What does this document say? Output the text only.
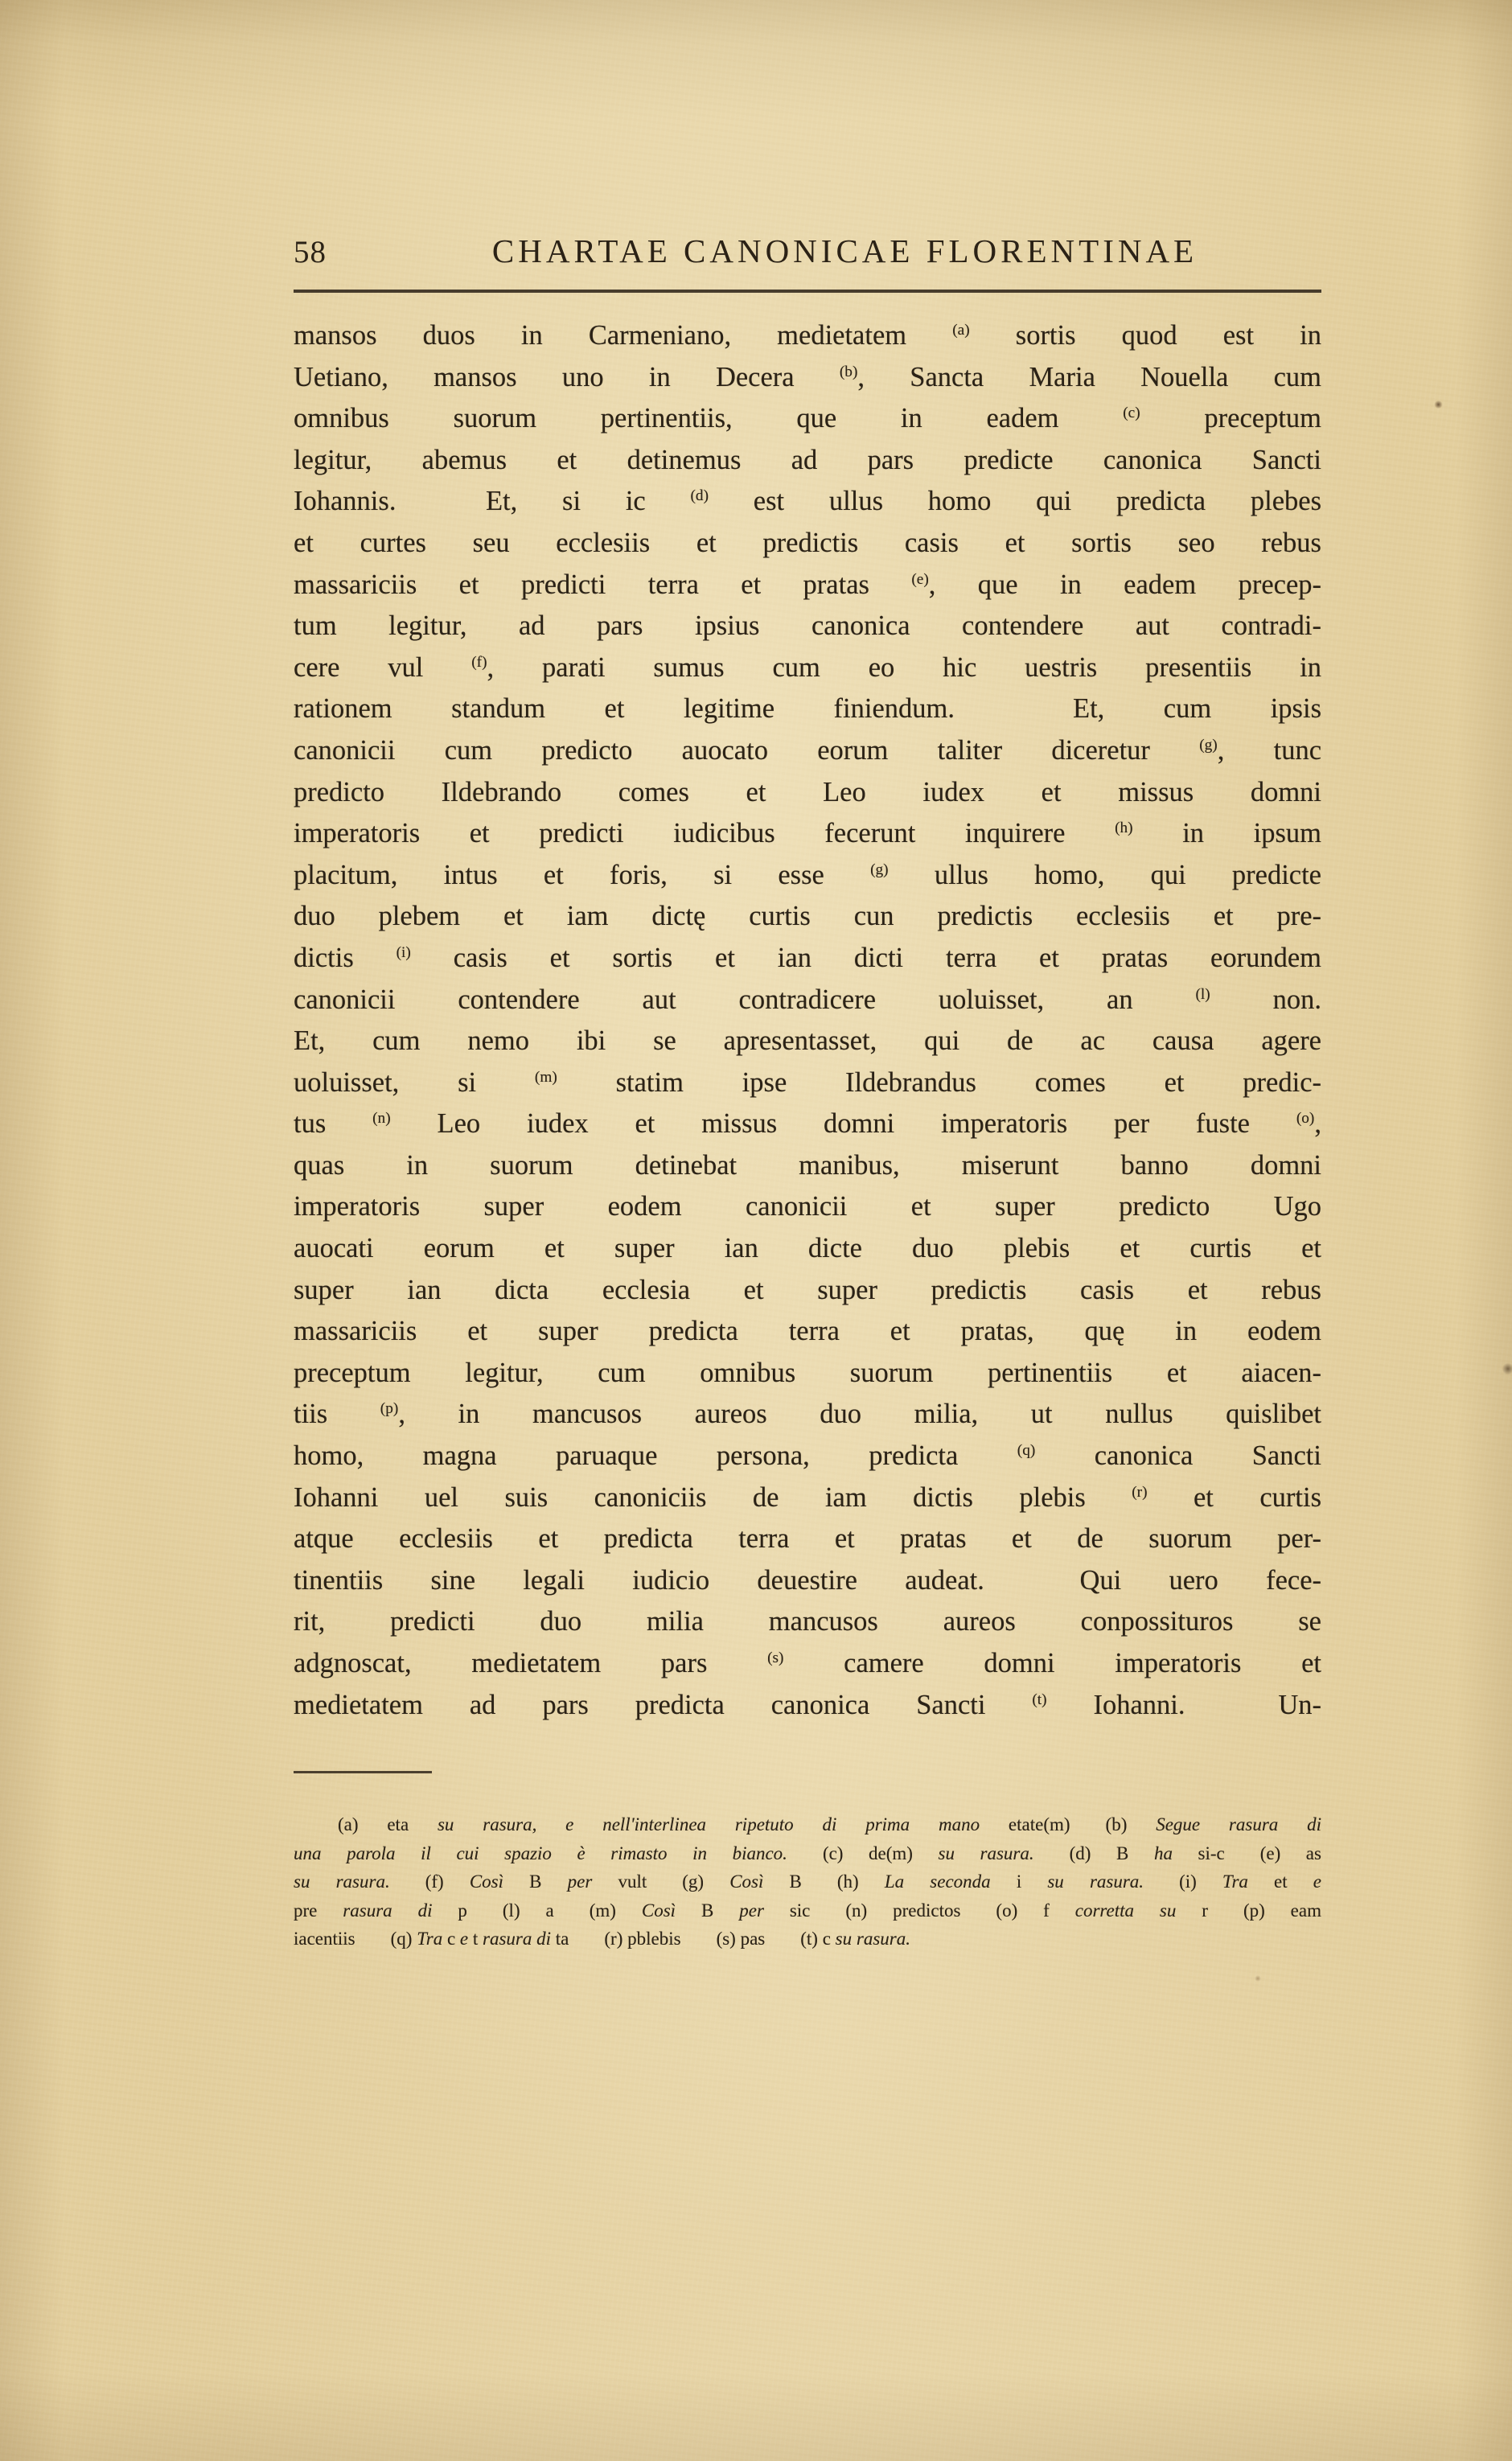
58	CHARTAE CANONICAE FLORENTINAE
mansos duos in Carmeniano, medietatem $^{(a)}$ sortis quod est in
Uetiano, mansos uno in Decera $^{(b)}$, Sancta Maria Nouella cum
omnibus suorum pertinentiis, que in eadem $^{(c)}$ preceptum
legitur, abemus et detinemus ad pars predicte canonica Sancti
Iohannis.  Et, si ic $^{(d)}$ est ullus homo qui predicta plebes
et curtes seu ecclesiis et predictis casis et sortis seo rebus
massariciis et predicti terra et pratas $^{(e)}$, que in eadem precep-
tum legitur, ad pars ipsius canonica contendere aut contradi-
cere vul $^{(f)}$, parati sumus cum eo hic uestris presentiis in
rationem standum et legitime finiendum.  Et, cum ipsis
canonicii cum predicto auocato eorum taliter diceretur $^{(g)}$, tunc
predicto Ildebrando comes et Leo iudex et missus domni
imperatoris et predicti iudicibus fecerunt inquirere $^{(h)}$ in ipsum
placitum, intus et foris, si esse $^{(g)}$ ullus homo, qui predicte
duo plebem et iam dictę curtis cun predictis ecclesiis et pre-
dictis $^{(i)}$ casis et sortis et ian dicti terra et pratas eorundem
canonicii contendere aut contradicere uoluisset, an $^{(l)}$ non.
Et, cum nemo ibi se apresentasset, qui de ac causa agere
uoluisset, si $^{(m)}$ statim ipse Ildebrandus comes et predic-
tus $^{(n)}$ Leo iudex et missus domni imperatoris per fuste $^{(o)}$,
quas in suorum detinebat manibus, miserunt banno domni
imperatoris super eodem canonicii et super predicto Ugo
auocati eorum et super ian dicte duo plebis et curtis et
super ian dicta ecclesia et super predictis casis et rebus
massariciis et super predicta terra et pratas, quę in eodem
preceptum legitur, cum omnibus suorum pertinentiis et aiacen-
tiis $^{(p)}$, in mancusos aureos duo milia, ut nullus quislibet
homo, magna paruaque persona, predicta $^{(q)}$ canonica Sancti
Iohanni uel suis canoniciis de iam dictis plebis $^{(r)}$ et curtis
atque ecclesiis et predicta terra et pratas et de suorum per-
tinentiis sine legali iudicio deuestire audeat.  Qui uero fece-
rit, predicti duo milia mancusos aureos conpossituros se
adgnoscat, medietatem pars $^{(s)}$ camere domni imperatoris et
medietatem ad pars predicta canonica Sancti $^{(t)}$ Iohanni.  Un-
(a) eta su rasura, e nell'interlinea ripetuto di prima mano etate(m) (b) Segue rasura di
una parola il cui spazio è rimasto in bianco. (c) de(m) su rasura. (d) B ha si-c (e) as
su rasura. (f) Così B per vult (g) Così B (h) La seconda i su rasura. (i) Tra et e
pre rasura di p (l) a (m) Così B per sic (n) predictos (o) f corretta su r (p) eam
iacentiis (q) Tra c e t rasura di ta (r) pblebis (s) pas (t) c su rasura.
